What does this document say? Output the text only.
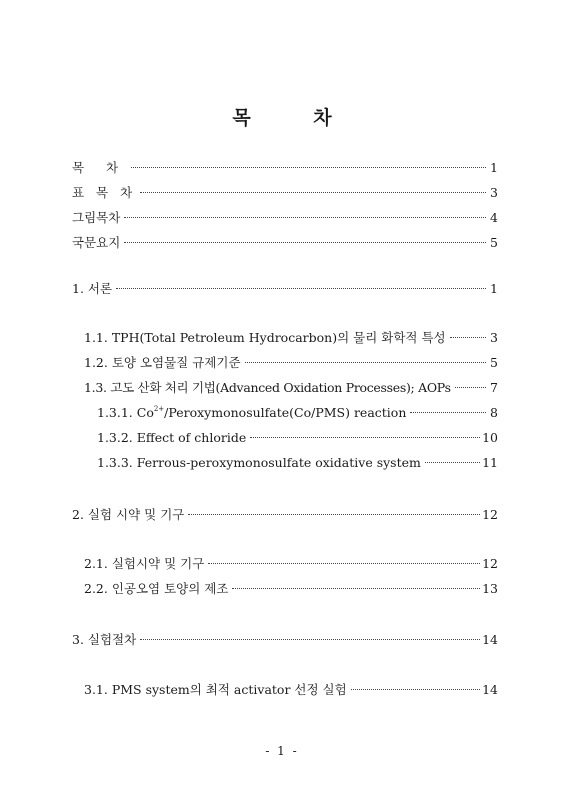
목 차
목 차	1
표 목 차	3
그림목차	4
국문요지	5
1. 서론	1
1.1. TPH(Total Petroleum Hydrocarbon)의 물리 화학적 특성	3
1.2. 토양 오염물질 규제기준	5
1.3. 고도 산화 처리 기법(Advanced Oxidation Processes); AOPs	7
1.3.1. $Co^{2+}/Peroxymonosulfate(Co/PMS)$ reaction	8
1.3.2. Effect of chloride	10
1.3.3. Ferrous-peroxymonosulfate oxidative system	11
2. 실험 시약 및 기구	12
2.1. 실험시약 및 기구	12
2.2. 인공오염 토양의 제조	13
3. 실험절차	14
3.1. PMS system의 최적 activator 선정 실험	14
- 1 -
